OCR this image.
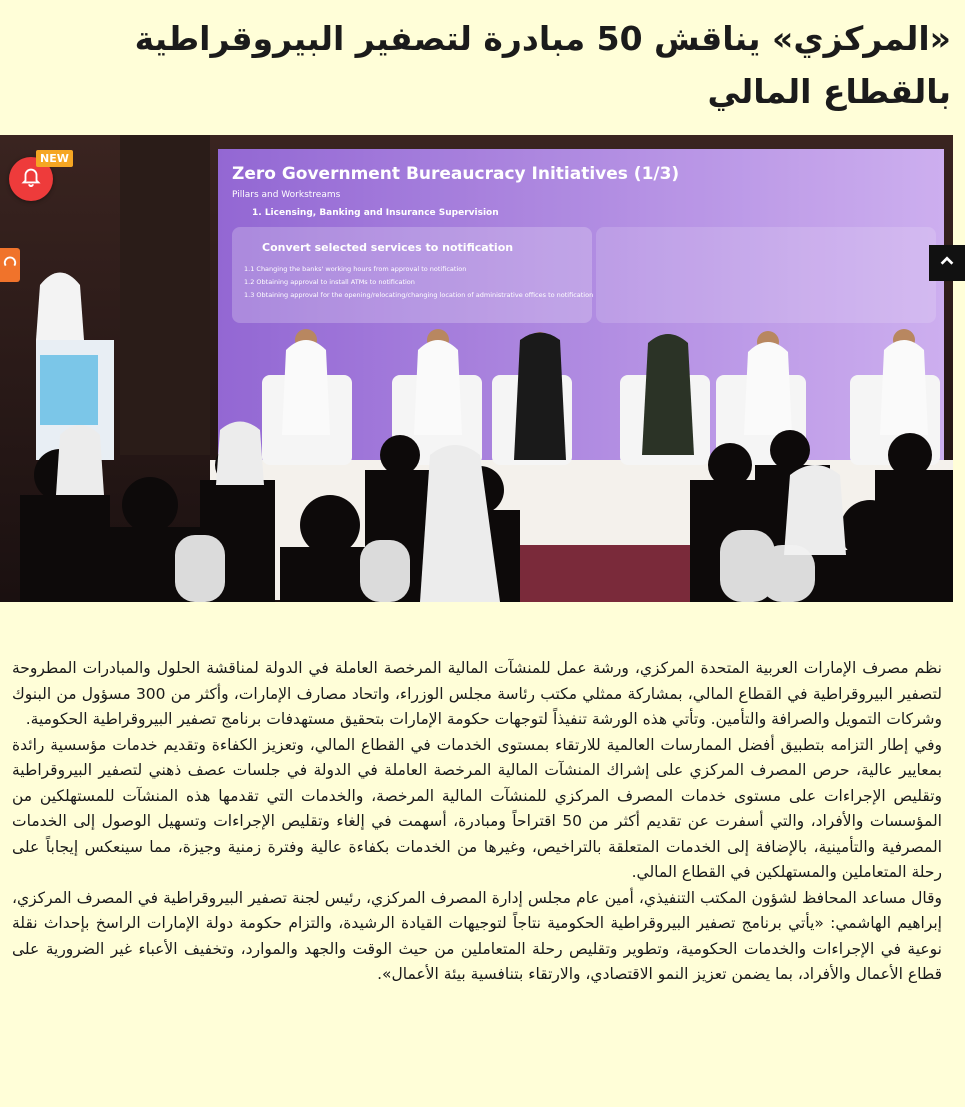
«المركزي» يناقش 50 مبادرة لتصفير البيروقراطية بالقطاع المالي
Zero Government Bureaucracy Initiatives (1/3)
Pillars and Workstreams
1. Licensing, Banking and Insurance Supervision
Convert selected services to notification
1.1 Changing the banks' working hours from approval to notification
1.2 Obtaining approval to install ATMs to notification
1.3 Obtaining approval for the opening/relocating/changing location of administrative offices to notification
NEW

نظم مصرف الإمارات العربية المتحدة المركزي، ورشة عمل للمنشآت المالية المرخصة العاملة في الدولة لمناقشة الحلول والمبادرات المطروحة لتصفير البيروقراطية في القطاع المالي، بمشاركة ممثلي مكتب رئاسة مجلس الوزراء، واتحاد مصارف الإمارات، وأكثر من 300 مسؤول من البنوك وشركات التمويل والصرافة والتأمين. وتأتي هذه الورشة تنفيذاً لتوجهات حكومة الإمارات بتحقيق مستهدفات برنامج تصفير البيروقراطية الحكومية.

وفي إطار التزامه بتطبيق أفضل الممارسات العالمية للارتقاء بمستوى الخدمات في القطاع المالي، وتعزيز الكفاءة وتقديم خدمات مؤسسية رائدة بمعايير عالية، حرص المصرف المركزي على إشراك المنشآت المالية المرخصة العاملة في الدولة في جلسات عصف ذهني لتصفير البيروقراطية وتقليص الإجراءات على مستوى خدمات المصرف المركزي للمنشآت المالية المرخصة، والخدمات التي تقدمها هذه المنشآت للمستهلكين من المؤسسات والأفراد، والتي أسفرت عن تقديم أكثر من 50 اقتراحاً ومبادرة، أسهمت في إلغاء وتقليص الإجراءات وتسهيل الوصول إلى الخدمات المصرفية والتأمينية، بالإضافة إلى الخدمات المتعلقة بالتراخيص، وغيرها من الخدمات بكفاءة عالية وفترة زمنية وجيزة، مما سينعكس إيجاباً على رحلة المتعاملين والمستهلكين في القطاع المالي.

وقال مساعد المحافظ لشؤون المكتب التنفيذي، أمين عام مجلس إدارة المصرف المركزي، رئيس لجنة تصفير البيروقراطية في المصرف المركزي، إبراهيم الهاشمي: «يأتي برنامج تصفير البيروقراطية الحكومية نتاجاً لتوجيهات القيادة الرشيدة، والتزام حكومة دولة الإمارات الراسخ بإحداث نقلة نوعية في الإجراءات والخدمات الحكومية، وتطوير وتقليص رحلة المتعاملين من حيث الوقت والجهد والموارد، وتخفيف الأعباء غير الضرورية على قطاع الأعمال والأفراد، بما يضمن تعزيز النمو الاقتصادي، والارتقاء بتنافسية بيئة الأعمال».
